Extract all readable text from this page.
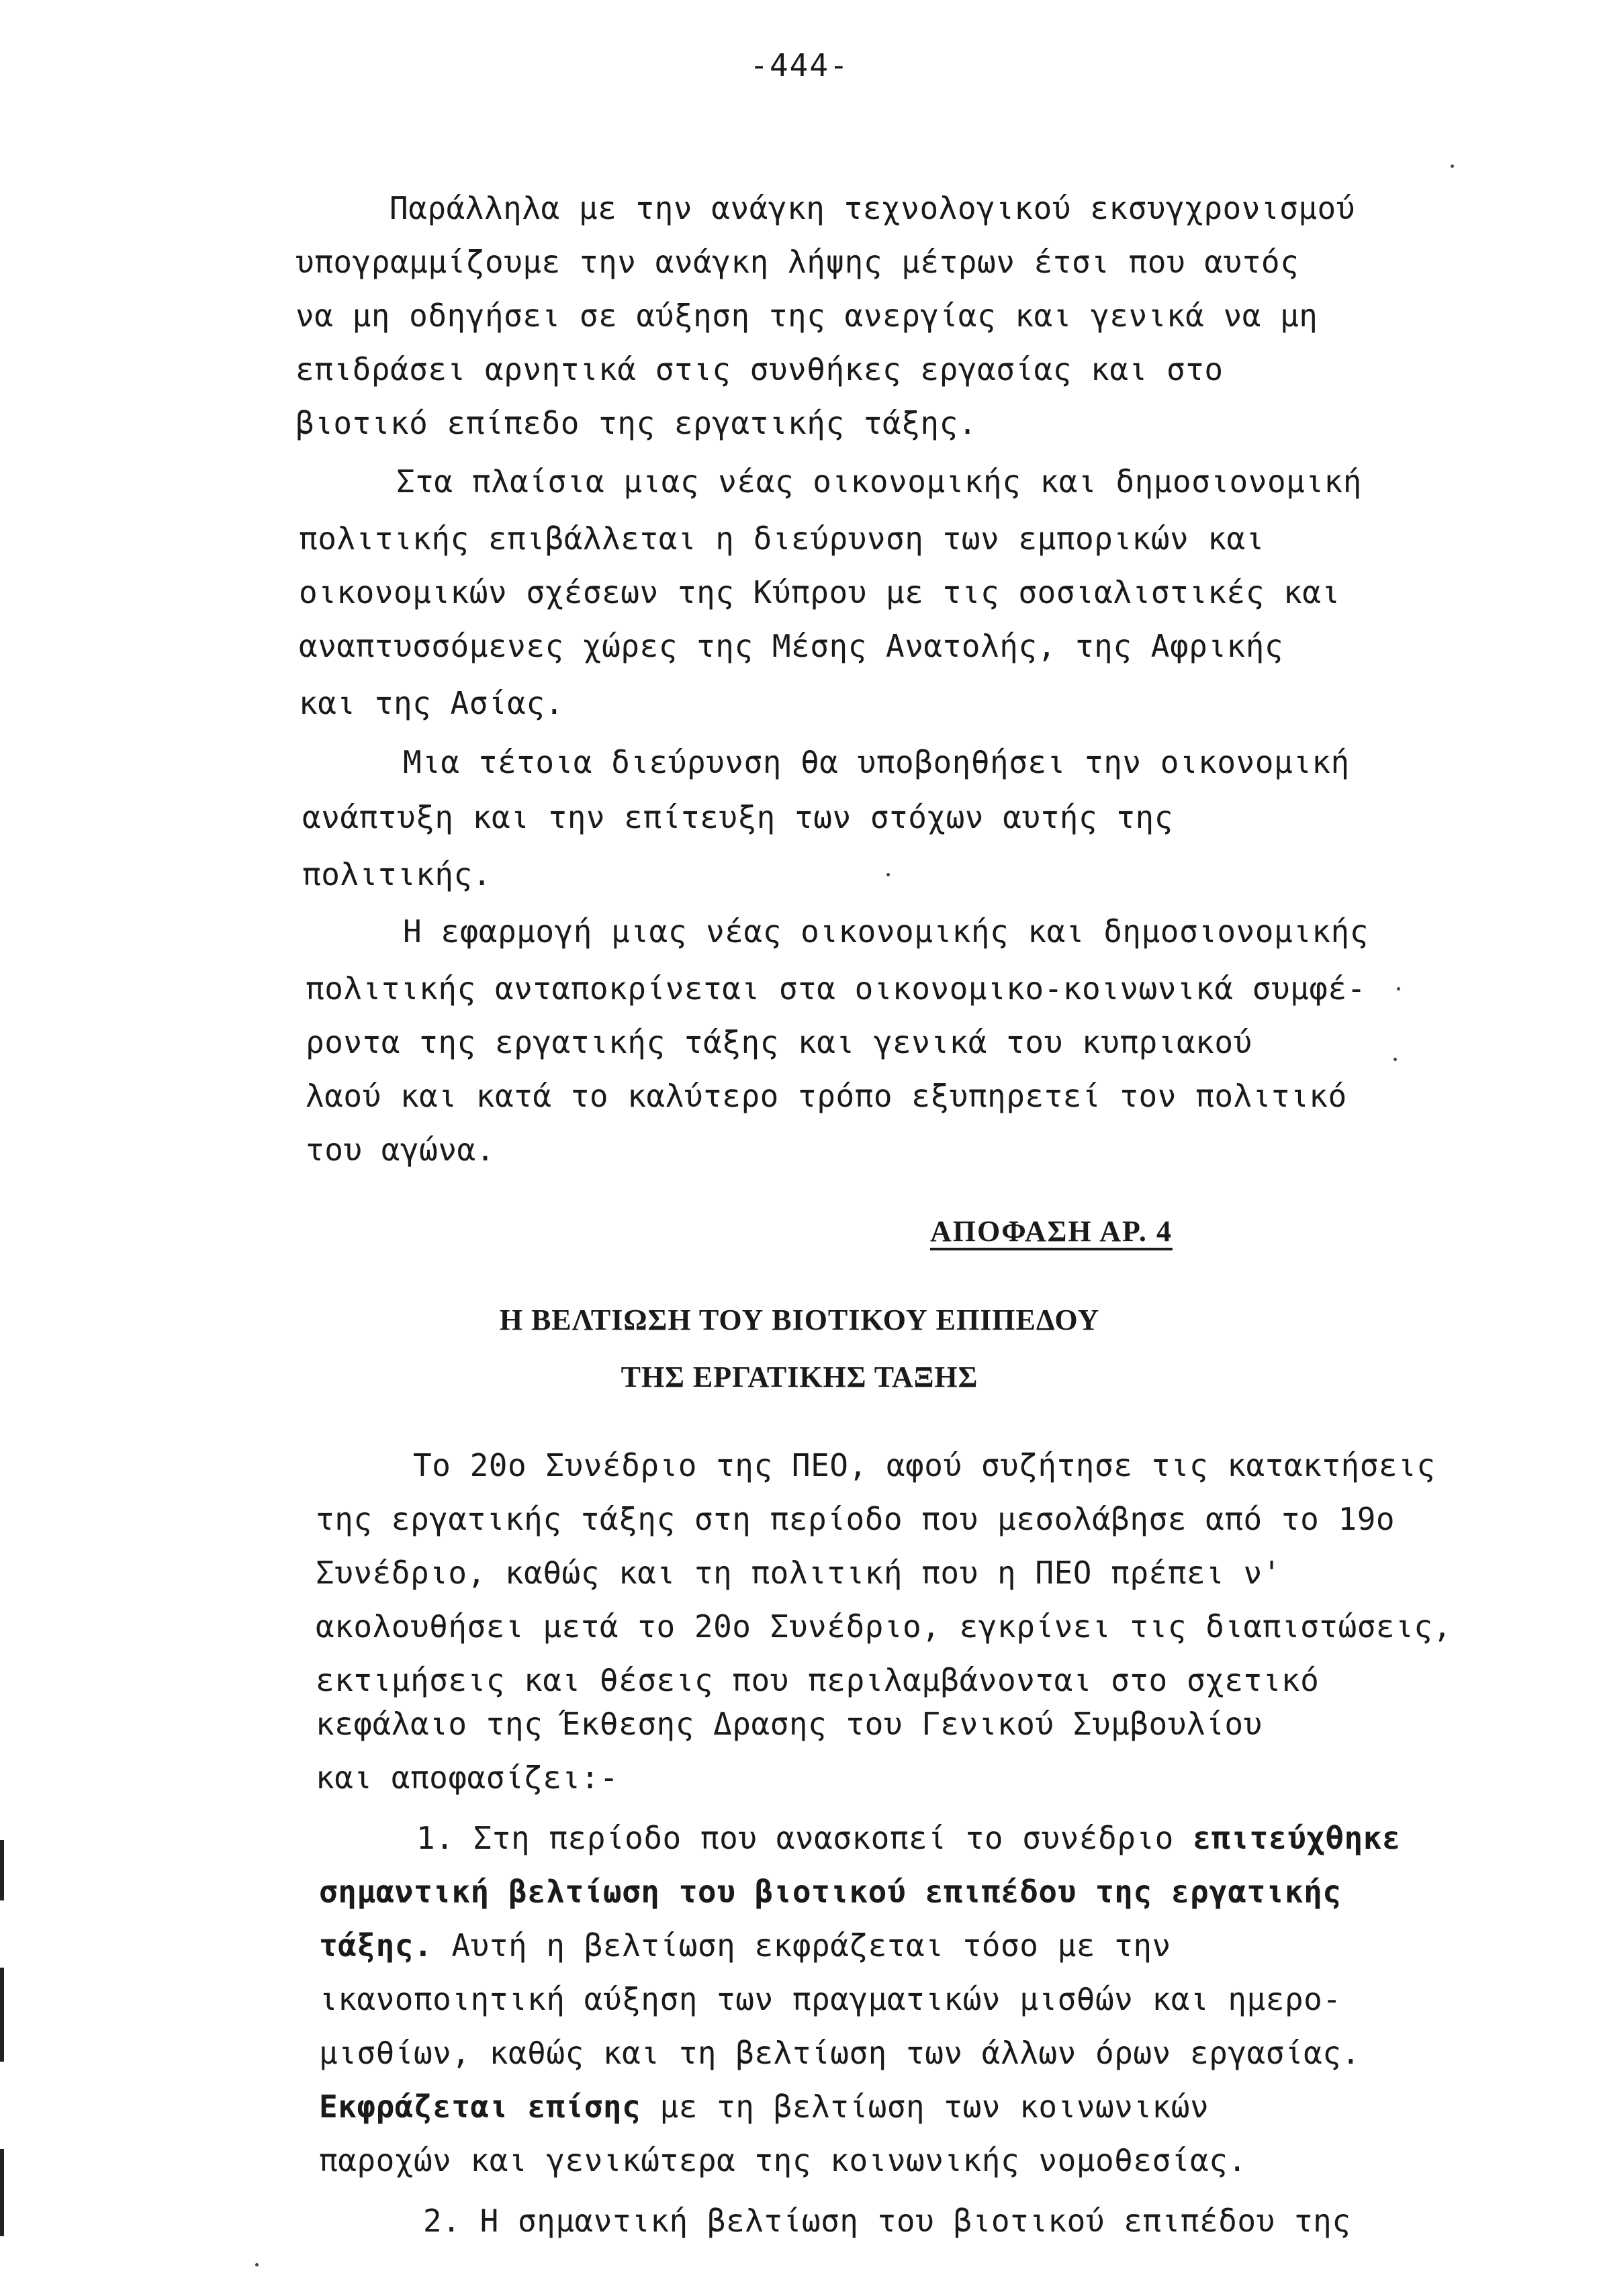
-444-
Παράλληλα με την ανάγκη τεχνολογικού εκσυγχρονισμού
υπογραμμίζουμε την ανάγκη λήψης μέτρων έτσι που αυτός
να μη οδηγήσει σε αύξηση της ανεργίας και γενικά να μη
επιδράσει αρνητικά στις συνθήκες εργασίας και στο
βιοτικό επίπεδο της εργατικής τάξης.
Στα πλαίσια μιας νέας οικονομικής και δημοσιονομική
πολιτικής επιβάλλεται η διεύρυνση των εμπορικών και
οικονομικών σχέσεων της Κύπρου με τις σοσιαλιστικές και
αναπτυσσόμενες χώρες της Μέσης Ανατολής, της Αφρικής
και της Ασίας.
Μια τέτοια διεύρυνση θα υποβοηθήσει την οικονομική
ανάπτυξη και την επίτευξη των στόχων αυτής της
πολιτικής.
Η εφαρμογή μιας νέας οικονομικής και δημοσιονομικής
πολιτικής ανταποκρίνεται στα οικονομικο-κοινωνικά συμφέ-
ροντα της εργατικής τάξης και γενικά του κυπριακού
λαού και κατά το καλύτερο τρόπο εξυπηρετεί τον πολιτικό
του αγώνα.
ΑΠΟΦΑΣΗ ΑΡ. 4
Η ΒΕΛΤΙΩΣΗ ΤΟΥ ΒΙΟΤΙΚΟΥ ΕΠΙΠΕΔΟΥ
ΤΗΣ ΕΡΓΑΤΙΚΗΣ ΤΑΞΗΣ
Το 20ο Συνέδριο της ΠΕΟ, αφού συζήτησε τις κατακτήσεις
της εργατικής τάξης στη περίοδο που μεσολάβησε από το 19ο
Συνέδριο, καθώς και τη πολιτική που η ΠΕΟ πρέπει ν'
ακολουθήσει μετά το 20ο Συνέδριο, εγκρίνει τις διαπιστώσεις,
εκτιμήσεις και θέσεις που περιλαμβάνονται στο σχετικό
κεφάλαιο της Έκθεσης Δρασης του Γενικού Συμβουλίου
και αποφασίζει:-
1. Στη περίοδο που ανασκοπεί το συνέδριο επιτεύχθηκε
σημαντική βελτίωση του βιοτικού επιπέδου της εργατικής
τάξης. Αυτή η βελτίωση εκφράζεται τόσο με την
ικανοποιητική αύξηση των πραγματικών μισθών και ημερο-
μισθίων, καθώς και τη βελτίωση των άλλων όρων εργασίας.
Εκφράζεται επίσης με τη βελτίωση των κοινωνικών
παροχών και γενικώτερα της κοινωνικής νομοθεσίας.
2. Η σημαντική βελτίωση του βιοτικού επιπέδου της
